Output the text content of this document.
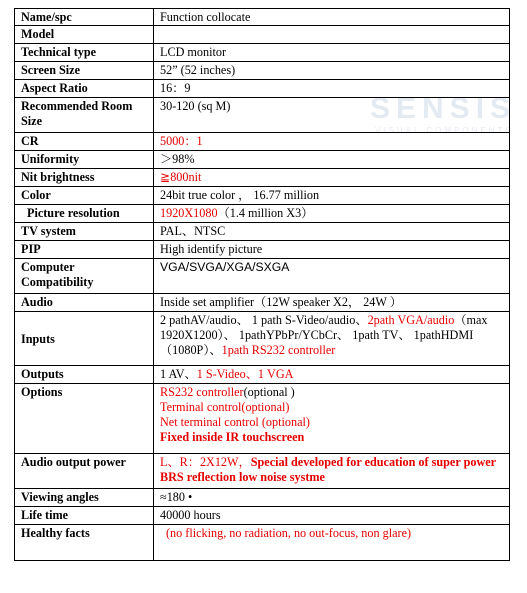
SENSIS
VISUAL COMPONENTS
Name/spc	Function collocate
Model	
Technical type	LCD monitor
Screen Size	52” (52 inches)
Aspect Ratio	16：9
Recommended Room Size	30-120 (sq M)
CR	5000：1
Uniformity	＞98%
Nit brightness	≧800nit
Color	24bit true color ， 16.77 million
Picture resolution	1920X1080（1.4 million X3）
TV system	PAL、NTSC
PIP	High identify picture
Computer Compatibility	VGA/SVGA/XGA/SXGA
Audio	Inside set amplifier（12W speaker X2， 24W ）
Inputs	2 pathAV/audio、 1 path S-Video/audio、2path VGA/audio（max 1920X1200）、 1pathYPbPr/YCbCr、 1path TV、 1pathHDMI（1080P）、1path RS232 controller
Outputs	1 AV、1 S-Video、1 VGA
Options	RS232 controller(optional )
Terminal control(optional)
Net terminal control (optional)
Fixed inside IR touchscreen

Audio output power	L、R：2X12W，Special developed for education of super power BRS reflection low noise systme
Viewing angles	≈180 •
Life time	40000 hours
Healthy facts	(no flicking, no radiation, no out-focus, non glare)
